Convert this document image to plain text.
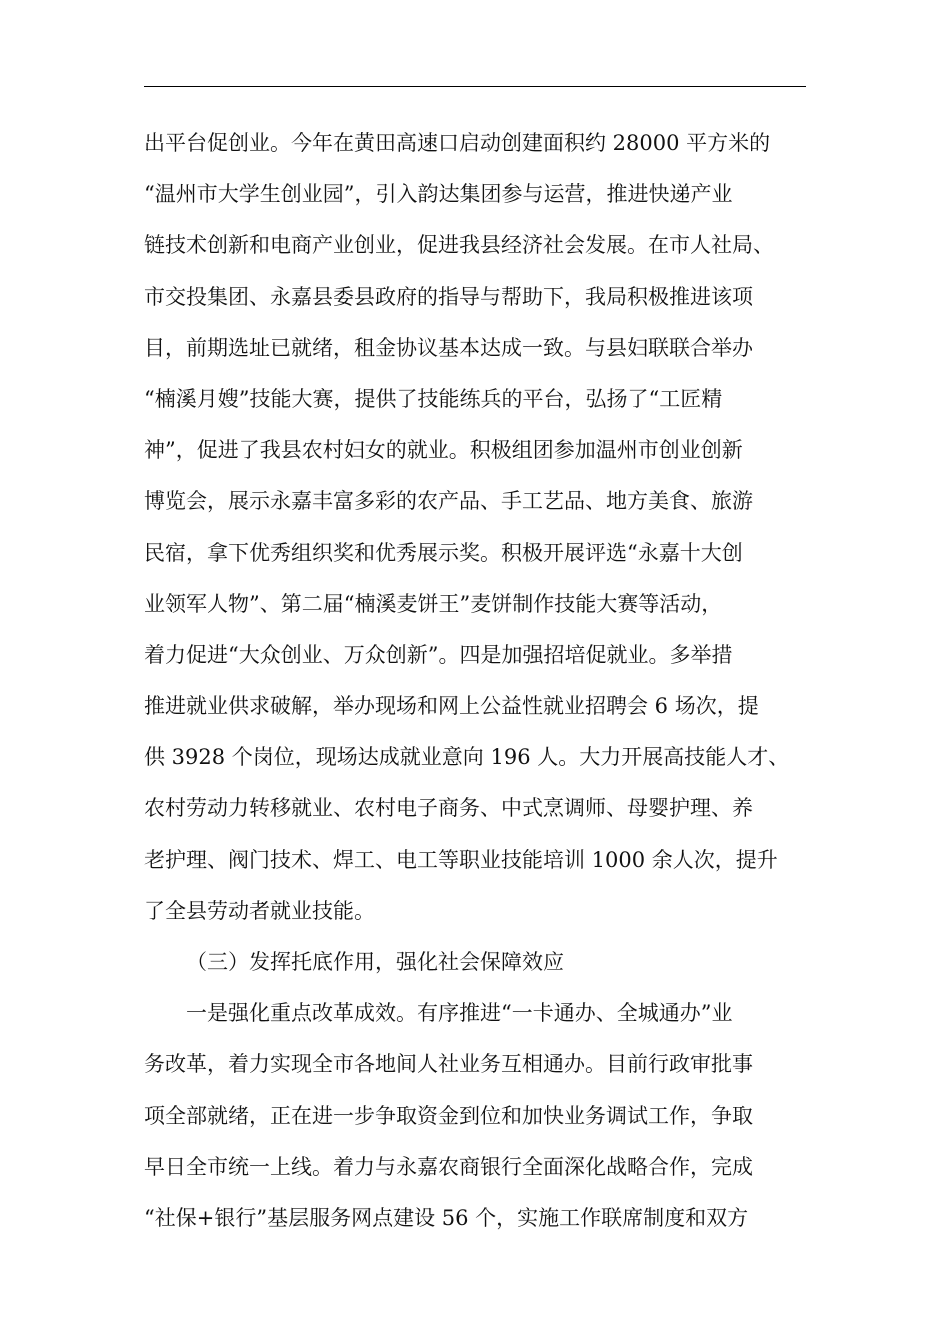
出平台促创业。今年在黄田高速口启动创建面积约 28000 平方米的
“温州市大学生创业园”，引入韵达集团参与运营，推进快递产业
链技术创新和电商产业创业，促进我县经济社会发展。在市人社局、
市交投集团、永嘉县委县政府的指导与帮助下，我局积极推进该项
目，前期选址已就绪，租金协议基本达成一致。与县妇联联合举办
“楠溪月嫂”技能大赛，提供了技能练兵的平台，弘扬了“工匠精
神”，促进了我县农村妇女的就业。积极组团参加温州市创业创新
博览会，展示永嘉丰富多彩的农产品、手工艺品、地方美食、旅游
民宿，拿下优秀组织奖和优秀展示奖。积极开展评选“永嘉十大创
业领军人物”、第二届“楠溪麦饼王”麦饼制作技能大赛等活动，
着力促进“大众创业、万众创新”。四是加强招培促就业。多举措
推进就业供求破解，举办现场和网上公益性就业招聘会 6 场次，提
供 3928 个岗位，现场达成就业意向 196 人。大力开展高技能人才、
农村劳动力转移就业、农村电子商务、中式烹调师、母婴护理、养
老护理、阀门技术、焊工、电工等职业技能培训 1000 余人次，提升
了全县劳动者就业技能。
（三）发挥托底作用，强化社会保障效应
一是强化重点改革成效。有序推进“一卡通办、全城通办”业
务改革，着力实现全市各地间人社业务互相通办。目前行政审批事
项全部就绪，正在进一步争取资金到位和加快业务调试工作，争取
早日全市统一上线。着力与永嘉农商银行全面深化战略合作，完成
“社保+银行”基层服务网点建设 56 个，实施工作联席制度和双方
